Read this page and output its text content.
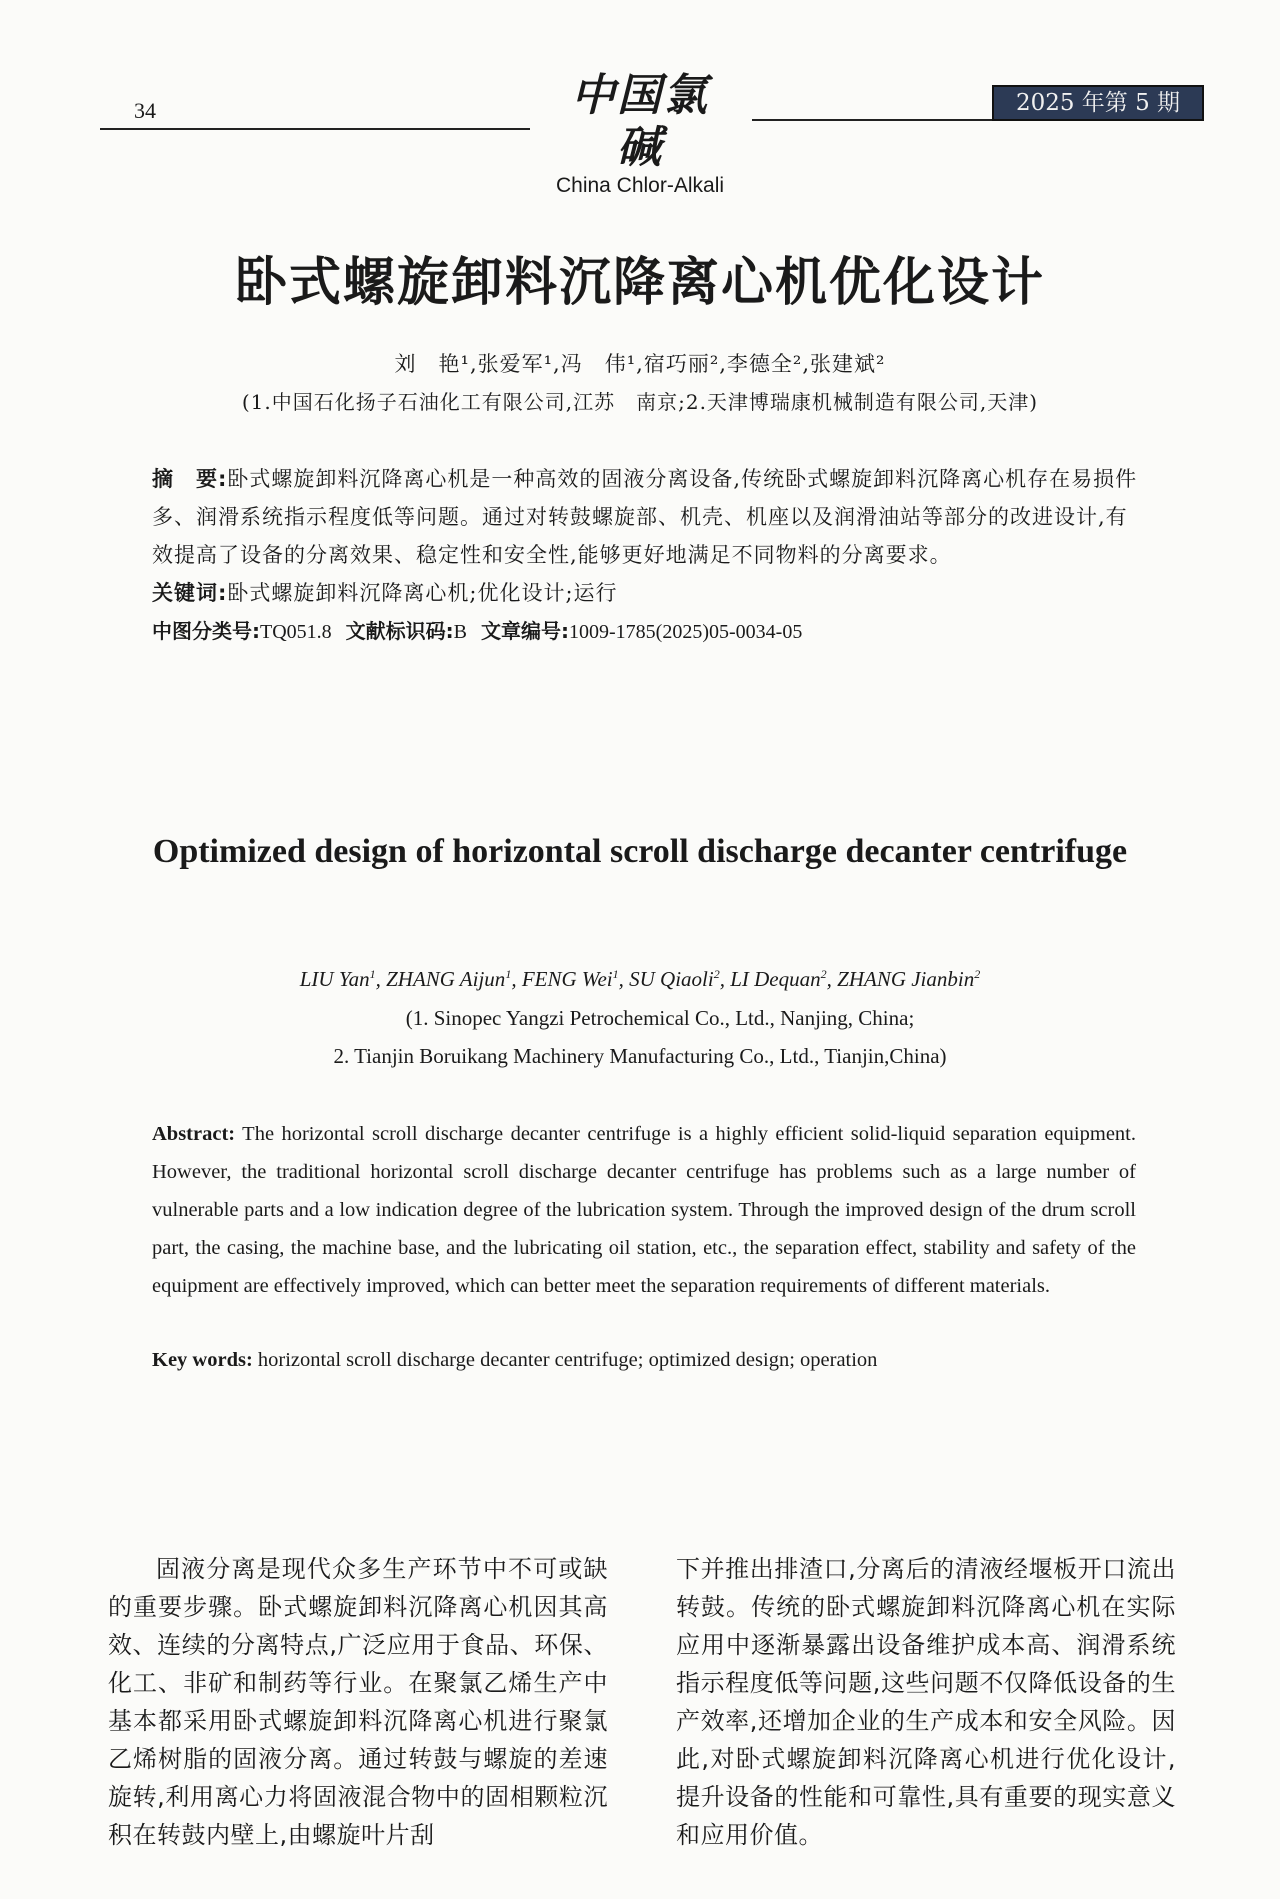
34	中国氯碱
China Chlor-Alkali
2025 年第 5 期
卧式螺旋卸料沉降离心机优化设计
刘　艳¹,张爱军¹,冯　伟¹,宿巧丽²,李德全²,张建斌²
(1.中国石化扬子石油化工有限公司,江苏　南京;2.天津博瑞康机械制造有限公司,天津)
摘　要:卧式螺旋卸料沉降离心机是一种高效的固液分离设备,传统卧式螺旋卸料沉降离心机存在易损件多、润滑系统指示程度低等问题。通过对转鼓螺旋部、机壳、机座以及润滑油站等部分的改进设计,有效提高了设备的分离效果、稳定性和安全性,能够更好地满足不同物料的分离要求。
关键词:卧式螺旋卸料沉降离心机;优化设计;运行
中图分类号:TQ051.8 文献标识码:B 文章编号:1009-1785(2025)05-0034-05
Optimized design of horizontal scroll discharge decanter centrifuge
LIU Yan$^1$, ZHANG Aijun$^1$, FENG Wei$^1$, SU Qiaoli$^2$, LI Dequan$^2$, ZHANG Jianbin$^2$
(1. Sinopec Yangzi Petrochemical Co., Ltd., Nanjing, China;
2. Tianjin Boruikang Machinery Manufacturing Co., Ltd., Tianjin,China)
Abstract: The horizontal scroll discharge decanter centrifuge is a highly efficient solid-liquid separation equipment. However, the traditional horizontal scroll discharge decanter centrifuge has problems such as a large number of vulnerable parts and a low indication degree of the lubrication system. Through the improved design of the drum scroll part, the casing, the machine base, and the lubricating oil station, etc., the separation effect, stability and safety of the equipment are effectively improved, which can better meet the separation requirements of different materials.
Key words: horizontal scroll discharge decanter centrifuge; optimized design; operation
固液分离是现代众多生产环节中不可或缺的重要步骤。卧式螺旋卸料沉降离心机因其高效、连续的分离特点,广泛应用于食品、环保、化工、非矿和制药等行业。在聚氯乙烯生产中基本都采用卧式螺旋卸料沉降离心机进行聚氯乙烯树脂的固液分离。通过转鼓与螺旋的差速旋转,利用离心力将固液混合物中的固相颗粒沉积在转鼓内壁上,由螺旋叶片刮
下并推出排渣口,分离后的清液经堰板开口流出转鼓。传统的卧式螺旋卸料沉降离心机在实际应用中逐渐暴露出设备维护成本高、润滑系统指示程度低等问题,这些问题不仅降低设备的生产效率,还增加企业的生产成本和安全风险。因此,对卧式螺旋卸料沉降离心机进行优化设计,提升设备的性能和可靠性,具有重要的现实意义和应用价值。
